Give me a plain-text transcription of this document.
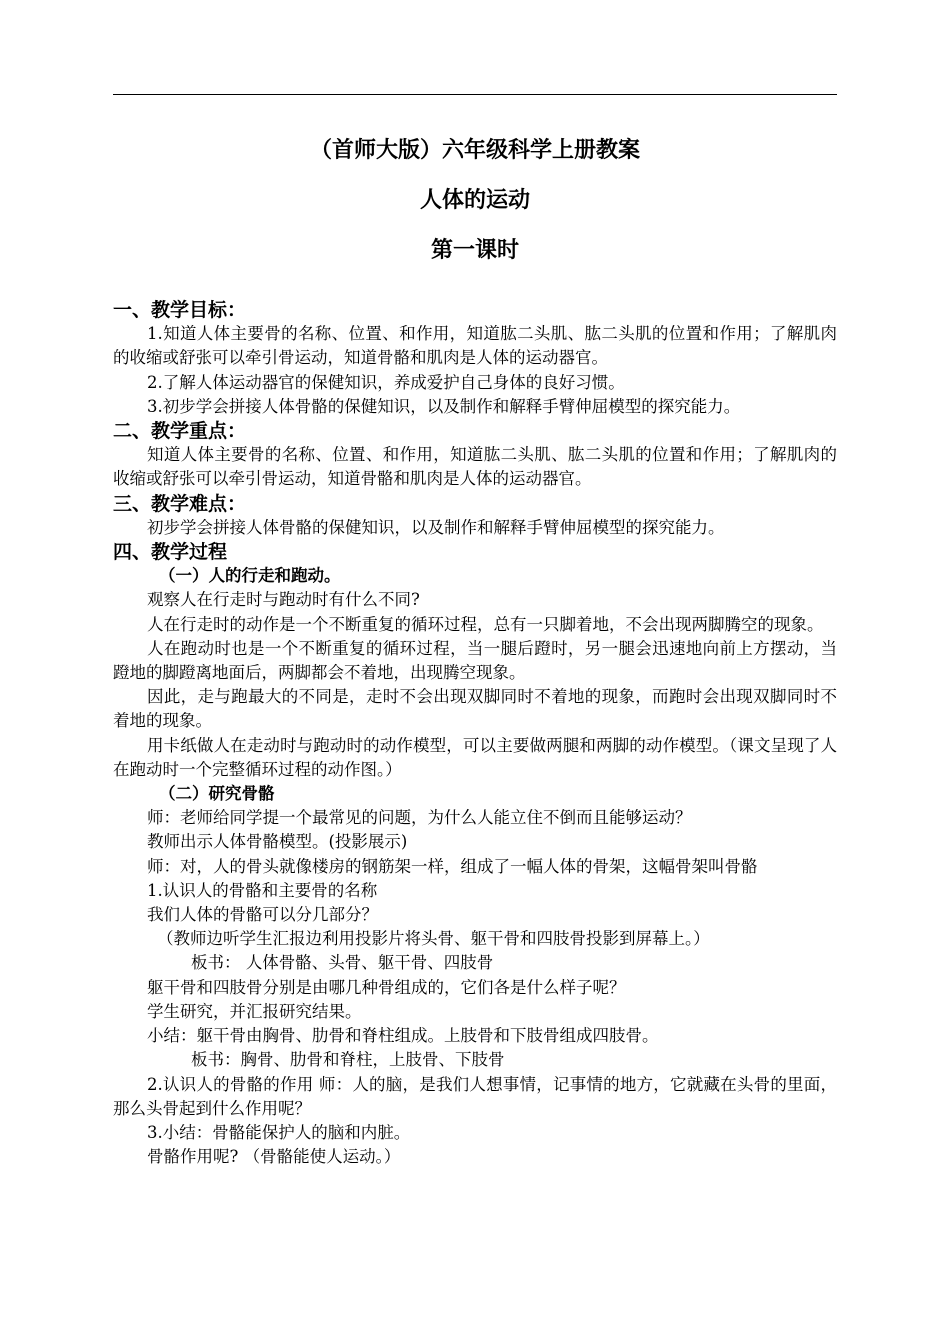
（首师大版）六年级科学上册教案
人体的运动
第一课时

一、教学目标：

1.知道人体主要骨的名称、位置、和作用，知道肱二头肌、肱二头肌的位置和作用；了解肌肉的收缩或舒张可以牵引骨运动，知道骨骼和肌肉是人体的运动器官。

2.了解人体运动器官的保健知识，养成爱护自己身体的良好习惯。

3.初步学会拼接人体骨骼的保健知识，以及制作和解释手臂伸屈模型的探究能力。

二、教学重点：

知道人体主要骨的名称、位置、和作用，知道肱二头肌、肱二头肌的位置和作用；了解肌肉的收缩或舒张可以牵引骨运动，知道骨骼和肌肉是人体的运动器官。

三、教学难点：

初步学会拼接人体骨骼的保健知识，以及制作和解释手臂伸屈模型的探究能力。

四、教学过程

（一）人的行走和跑动。

观察人在行走时与跑动时有什么不同?

人在行走时的动作是一个不断重复的循环过程，总有一只脚着地，不会出现两脚腾空的现象。

人在跑动时也是一个不断重复的循环过程，当一腿后蹬时，另一腿会迅速地向前上方摆动，当蹬地的脚蹬离地面后，两脚都会不着地，出现腾空现象。

因此，走与跑最大的不同是，走时不会出现双脚同时不着地的现象，而跑时会出现双脚同时不着地的现象。

用卡纸做人在走动时与跑动时的动作模型，可以主要做两腿和两脚的动作模型。（课文呈现了人在跑动时一个完整循环过程的动作图。）

（二）研究骨骼

师：老师给同学提一个最常见的问题，为什么人能立住不倒而且能够运动？

教师出示人体骨骼模型。(投影展示)

师：对，人的骨头就像楼房的钢筋架一样，组成了一幅人体的骨架，这幅骨架叫骨骼

1.认识人的骨骼和主要骨的名称

我们人体的骨骼可以分几部分？

（教师边听学生汇报边利用投影片将头骨、躯干骨和四肢骨投影到屏幕上。）

板书： 人体骨骼、头骨、躯干骨、四肢骨

躯干骨和四肢骨分别是由哪几种骨组成的，它们各是什么样子呢？

学生研究，并汇报研究结果。

小结：躯干骨由胸骨、肋骨和脊柱组成。上肢骨和下肢骨组成四肢骨。

板书：胸骨、肋骨和脊柱，上肢骨、下肢骨

2.认识人的骨骼的作用 师：人的脑，是我们人想事情，记事情的地方，它就藏在头骨的里面，那么头骨起到什么作用呢？

3.小结：骨骼能保护人的脑和内脏。

骨骼作用呢? （骨骼能使人运动。）
